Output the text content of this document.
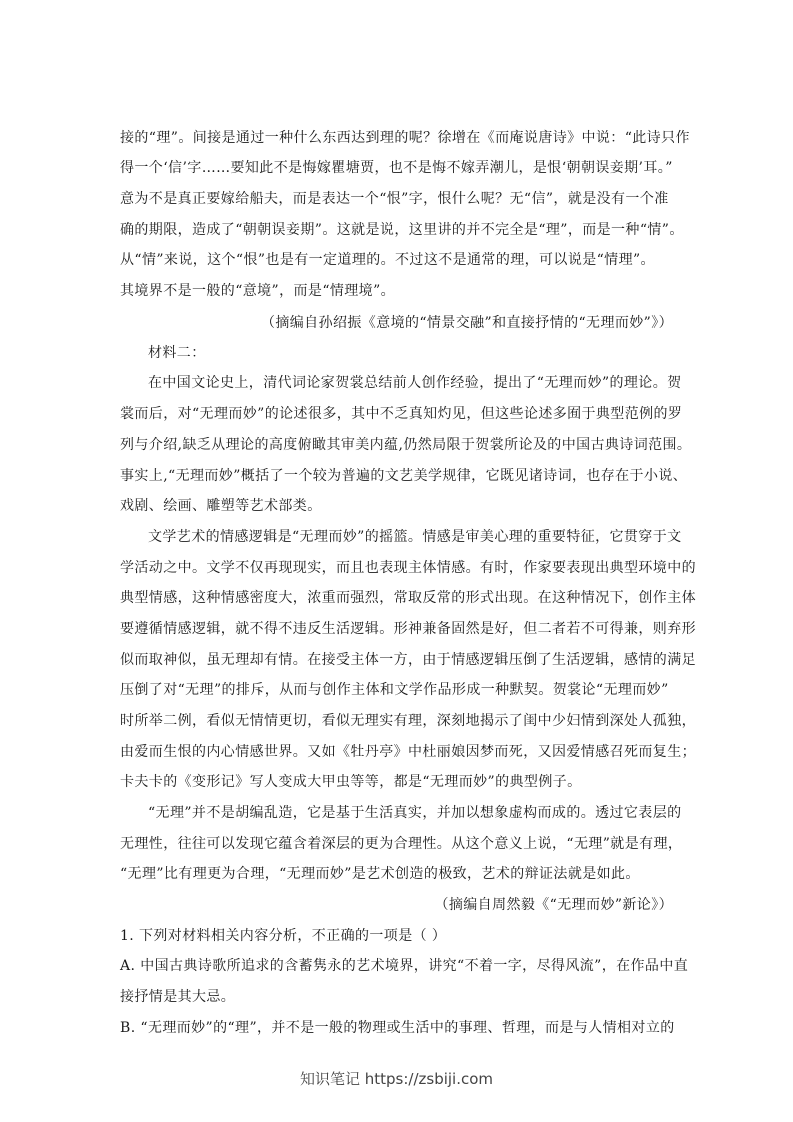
接的“理”。间接是通过一种什么东西达到理的呢？徐增在《而庵说唐诗》中说：“此诗只作
得一个‘信’字……要知此不是悔嫁瞿塘贾，也不是悔不嫁弄潮儿，是恨‘朝朝误妾期’耳。”
意为不是真正要嫁给船夫，而是表达一个“恨”字，恨什么呢？无“信”，就是没有一个准
确的期限，造成了“朝朝误妾期”。这就是说，这里讲的并不完全是“理”，而是一种“情”。
从“情”来说，这个“恨”也是有一定道理的。不过这不是通常的理，可以说是“情理”。
其境界不是一般的“意境”，而是“情理境”。
（摘编自孙绍振《意境的“情景交融”和直接抒情的“无理而妙”》）
材料二：
在中国文论史上，清代词论家贺裳总结前人创作经验，提出了“无理而妙”的理论。贺
裳而后，对“无理而妙”的论述很多，其中不乏真知灼见，但这些论述多囿于典型范例的罗
列与介绍,缺乏从理论的高度俯瞰其审美内蕴,仍然局限于贺裳所论及的中国古典诗词范围。
事实上,“无理而妙”概括了一个较为普遍的文艺美学规律，它既见诸诗词，也存在于小说、
戏剧、绘画、雕塑等艺术部类。
文学艺术的情感逻辑是“无理而妙”的摇篮。情感是审美心理的重要特征，它贯穿于文
学活动之中。文学不仅再现现实，而且也表现主体情感。有时，作家要表现出典型环境中的
典型情感，这种情感密度大，浓重而强烈，常取反常的形式出现。在这种情况下，创作主体
要遵循情感逻辑，就不得不违反生活逻辑。形神兼备固然是好，但二者若不可得兼，则弃形
似而取神似，虽无理却有情。在接受主体一方，由于情感逻辑压倒了生活逻辑，感情的满足
压倒了对“无理”的排斥，从而与创作主体和文学作品形成一种默契。贺裳论“无理而妙”
时所举二例，看似无情情更切，看似无理实有理，深刻地揭示了闺中少妇情到深处人孤独，
由爱而生恨的内心情感世界。又如《牡丹亭》中杜丽娘因梦而死，又因爱情感召死而复生；
卡夫卡的《变形记》写人变成大甲虫等等，都是“无理而妙”的典型例子。
“无理”并不是胡编乱造，它是基于生活真实，并加以想象虚构而成的。透过它表层的
无理性，往往可以发现它蕴含着深层的更为合理性。从这个意义上说，“无理”就是有理，
“无理”比有理更为合理，“无理而妙”是艺术创造的极致，艺术的辩证法就是如此。
（摘编自周然毅《“无理而妙”新论》）
1. 下列对材料相关内容分析，不正确的一项是（ ）
A. 中国古典诗歌所追求的含蓄隽永的艺术境界，讲究“不着一字，尽得风流”，在作品中直
接抒情是其大忌。
B. “无理而妙”的“理”，并不是一般的物理或生活中的事理、哲理，而是与人情相对立的
知识笔记 https://zsbiji.com
